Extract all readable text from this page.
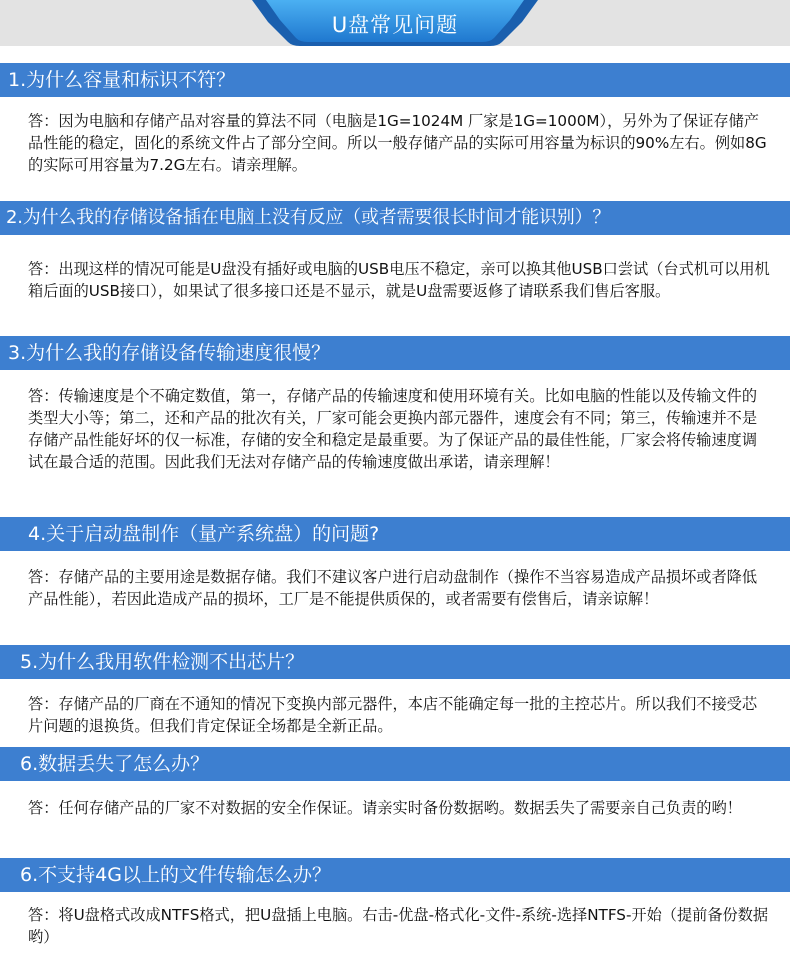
U盘常见问题
1.为什么容量和标识不符？
答：因为电脑和存储产品对容量的算法不同（电脑是1G=1024M 厂家是1G=1000M），另外为了保证存储产品性能的稳定，固化的系统文件占了部分空间。所以一般存储产品的实际可用容量为标识的90%左右。例如8G的实际可用容量为7.2G左右。请亲理解。
2.为什么我的存储设备插在电脑上没有反应（或者需要很长时间才能识别）？
答：出现这样的情况可能是U盘没有插好或电脑的USB电压不稳定，亲可以换其他USB口尝试（台式机可以用机箱后面的USB接口），如果试了很多接口还是不显示，就是U盘需要返修了请联系我们售后客服。
3.为什么我的存储设备传输速度很慢？
答：传输速度是个不确定数值，第一，存储产品的传输速度和使用环境有关。比如电脑的性能以及传输文件的类型大小等；第二，还和产品的批次有关，厂家可能会更换内部元器件，速度会有不同；第三，传输速并不是存储产品性能好坏的仅一标准，存储的安全和稳定是最重要。为了保证产品的最佳性能，厂家会将传输速度调试在最合适的范围。因此我们无法对存储产品的传输速度做出承诺，请亲理解！
4.关于启动盘制作（量产系统盘）的问题?
答：存储产品的主要用途是数据存储。我们不建议客户进行启动盘制作（操作不当容易造成产品损坏或者降低产品性能），若因此造成产品的损坏，工厂是不能提供质保的，或者需要有偿售后，请亲谅解！
5.为什么我用软件检测不出芯片？
答：存储产品的厂商在不通知的情况下变换内部元器件，本店不能确定每一批的主控芯片。所以我们不接受芯片问题的退换货。但我们肯定保证全场都是全新正品。
6.数据丢失了怎么办？
答：任何存储产品的厂家不对数据的安全作保证。请亲实时备份数据哟。数据丢失了需要亲自己负责的哟！
6.不支持4G以上的文件传输怎么办？
答：将U盘格式改成NTFS格式，把U盘插上电脑。右击-优盘-格式化-文件-系统-选择NTFS-开始（提前备份数据哟）
